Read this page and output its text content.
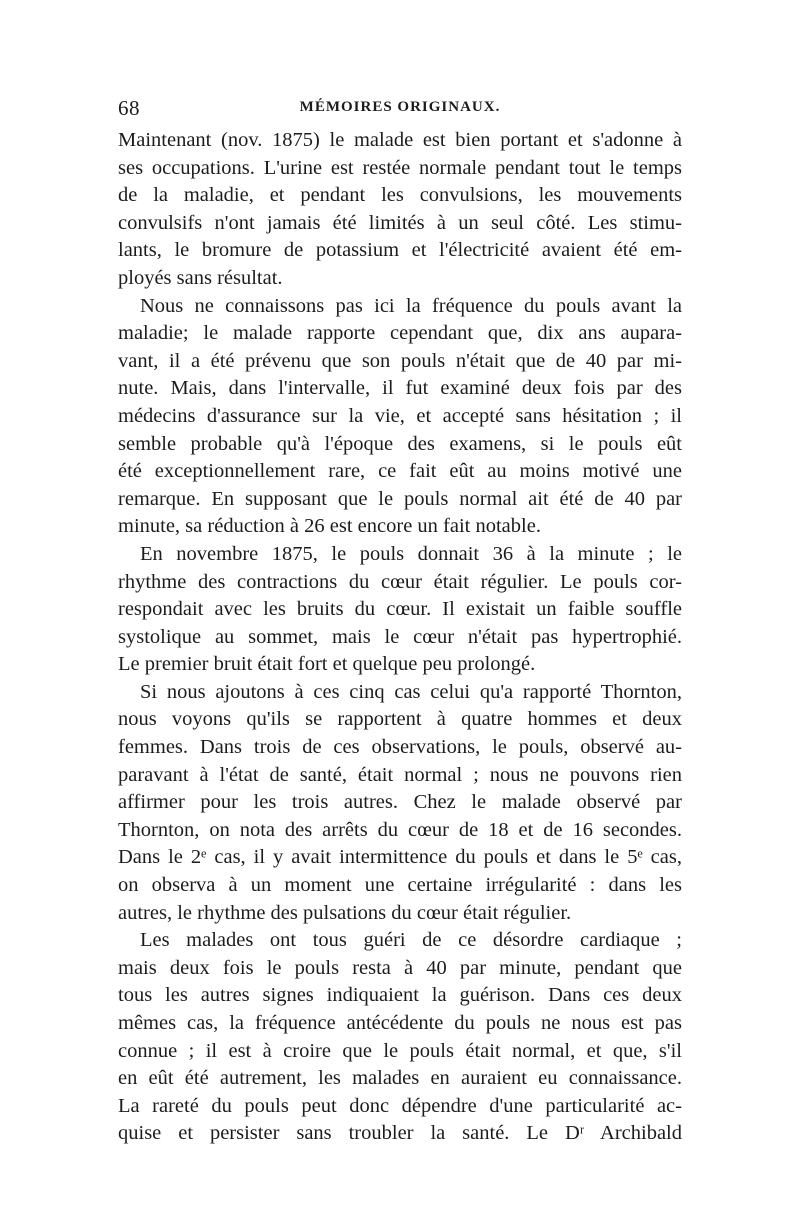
68	MÉMOIRES ORIGINAUX.
Maintenant (nov. 1875) le malade est bien portant et s'adonne à
ses occupations. L'urine est restée normale pendant tout le temps
de la maladie, et pendant les convulsions, les mouvements
convulsifs n'ont jamais été limités à un seul côté. Les stimu-
lants, le bromure de potassium et l'électricité avaient été em-
ployés sans résultat.
Nous ne connaissons pas ici la fréquence du pouls avant la
maladie; le malade rapporte cependant que, dix ans aupara-
vant, il a été prévenu que son pouls n'était que de 40 par mi-
nute. Mais, dans l'intervalle, il fut examiné deux fois par des
médecins d'assurance sur la vie, et accepté sans hésitation ; il
semble probable qu'à l'époque des examens, si le pouls eût
été exceptionnellement rare, ce fait eût au moins motivé une
remarque. En supposant que le pouls normal ait été de 40 par
minute, sa réduction à 26 est encore un fait notable.
En novembre 1875, le pouls donnait 36 à la minute ; le
rhythme des contractions du cœur était régulier. Le pouls cor-
respondait avec les bruits du cœur. Il existait un faible souffle
systolique au sommet, mais le cœur n'était pas hypertrophié.
Le premier bruit était fort et quelque peu prolongé.
Si nous ajoutons à ces cinq cas celui qu'a rapporté Thornton,
nous voyons qu'ils se rapportent à quatre hommes et deux
femmes. Dans trois de ces observations, le pouls, observé au-
paravant à l'état de santé, était normal ; nous ne pouvons rien
affirmer pour les trois autres. Chez le malade observé par
Thornton, on nota des arrêts du cœur de 18 et de 16 secondes.
Dans le 2ᵉ cas, il y avait intermittence du pouls et dans le 5ᵉ cas,
on observa à un moment une certaine irrégularité : dans les
autres, le rhythme des pulsations du cœur était régulier.
Les malades ont tous guéri de ce désordre cardiaque ;
mais deux fois le pouls resta à 40 par minute, pendant que
tous les autres signes indiquaient la guérison. Dans ces deux
mêmes cas, la fréquence antécédente du pouls ne nous est pas
connue ; il est à croire que le pouls était normal, et que, s'il
en eût été autrement, les malades en auraient eu connaissance.
La rareté du pouls peut donc dépendre d'une particularité ac-
quise et persister sans troubler la santé. Le Dʳ Archibald
